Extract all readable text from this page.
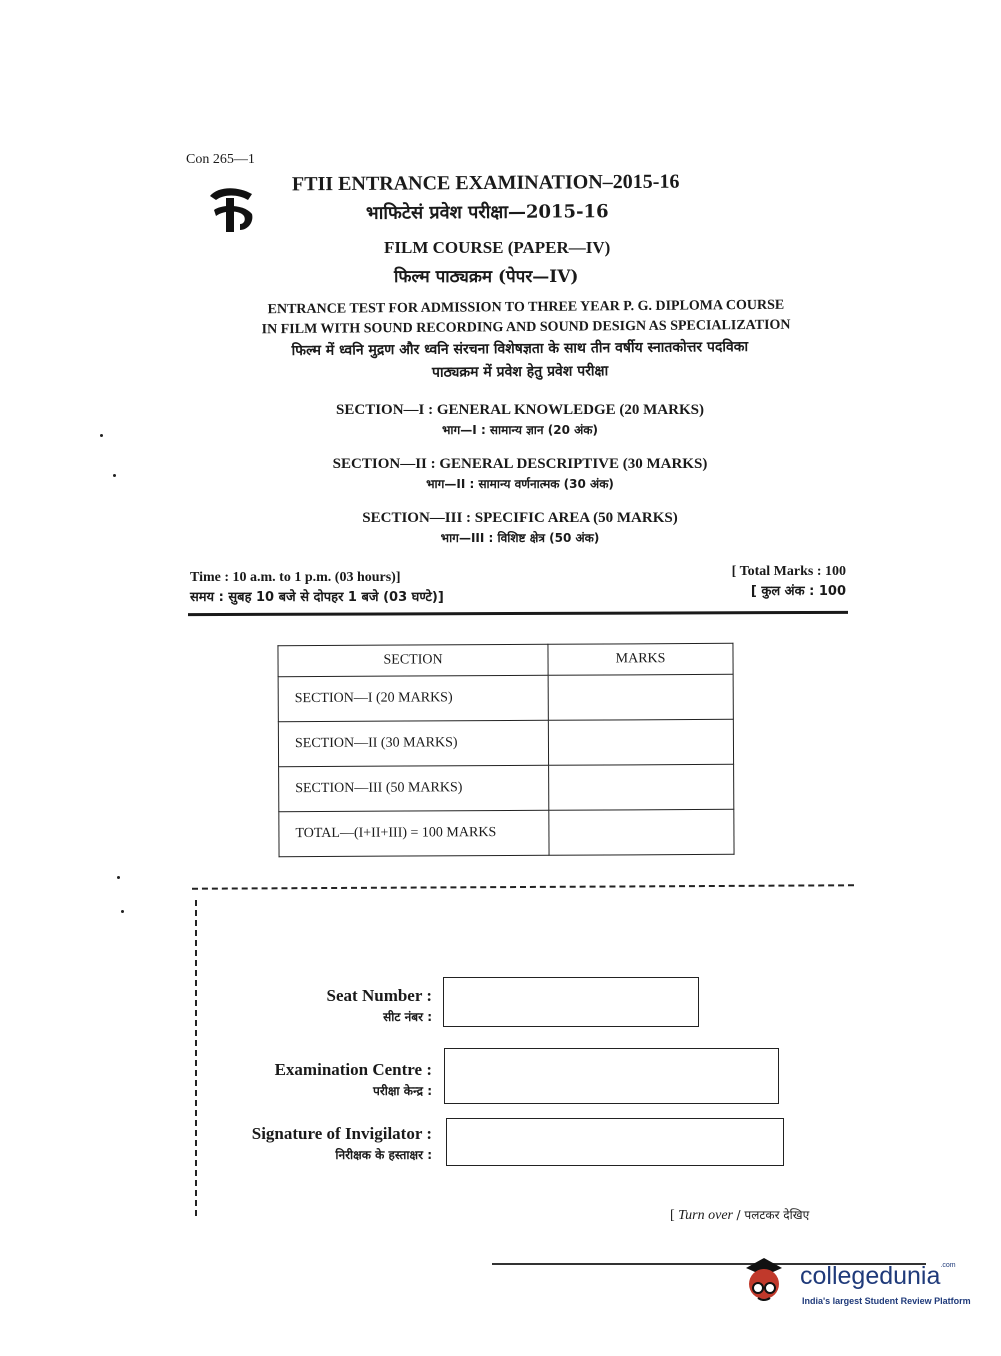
Con 265—1
FTII ENTRANCE EXAMINATION–2015-16
भाफिटेसं प्रवेश परीक्षा—2015-16
FILM COURSE (PAPER—IV)
फिल्म पाठ्यक्रम (पेपर—IV)
ENTRANCE TEST FOR ADMISSION TO THREE YEAR P. G. DIPLOMA COURSE
IN FILM WITH SOUND RECORDING AND SOUND DESIGN AS SPECIALIZATION
फिल्म में ध्वनि मुद्रण और ध्वनि संरचना विशेषज्ञता के साथ तीन वर्षीय स्नातकोत्तर पदविका
पाठ्यक्रम में प्रवेश हेतु प्रवेश परीक्षा
SECTION—I : GENERAL KNOWLEDGE (20 MARKS)
भाग—I : सामान्य ज्ञान (20 अंक)
SECTION—II : GENERAL DESCRIPTIVE (30 MARKS)
भाग—II : सामान्य वर्णनात्मक (30 अंक)
SECTION—III : SPECIFIC AREA (50 MARKS)
भाग—III : विशिष्ट क्षेत्र (50 अंक)
Time : 10 a.m. to 1 p.m. (03 hours)]
समय : सुबह 10 बजे से दोपहर 1 बजे (03 घण्टे)]
[ Total Marks : 100
[ कुल अंक : 100
SECTION	MARKS
SECTION—I (20 MARKS)	
SECTION—II (30 MARKS)	
SECTION—III (50 MARKS)	
TOTAL—(I+II+III) = 100 MARKS	
Seat Number :
सीट नंबर :
Examination Centre :
परीक्षा केन्द्र :
Signature of Invigilator :
निरीक्षक के हस्ताक्षर :
[ Turn over / पलटकर देखिए
collegedunia$^{.com}$
India's largest Student Review Platform
